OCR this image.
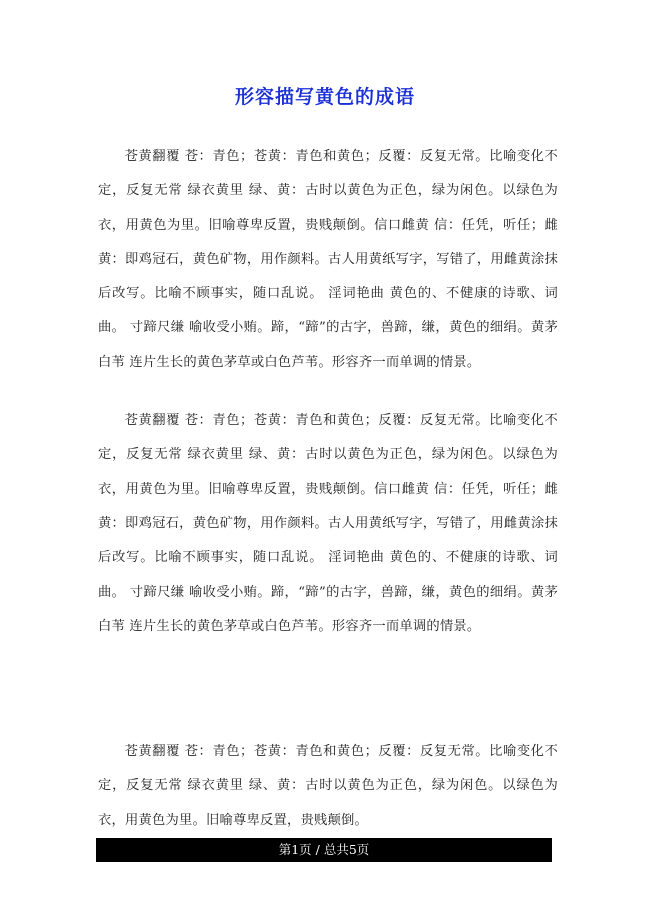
形容描写黄色的成语

苍黄翻覆 苍：青色；苍黄：青色和黄色；反覆：反复无常。比喻变化不定，反复无常 绿衣黄里 绿、黄：古时以黄色为正色，绿为闲色。以绿色为衣，用黄色为里。旧喻尊卑反置，贵贱颠倒。信口雌黄 信：任凭，听任；雌黄：即鸡冠石，黄色矿物，用作颜料。古人用黄纸写字，写错了，用雌黄涂抹后改写。比喻不顾事实，随口乱说。 淫词艳曲 黄色的、不健康的诗歌、词曲。 寸蹄尺缣 喻收受小贿。蹄，“蹄”的古字，兽蹄，缣，黄色的细绢。黄茅白苇 连片生长的黄色茅草或白色芦苇。形容齐一而单调的情景。

苍黄翻覆 苍：青色；苍黄：青色和黄色；反覆：反复无常。比喻变化不定，反复无常 绿衣黄里 绿、黄：古时以黄色为正色，绿为闲色。以绿色为衣，用黄色为里。旧喻尊卑反置，贵贱颠倒。信口雌黄 信：任凭，听任；雌黄：即鸡冠石，黄色矿物，用作颜料。古人用黄纸写字，写错了，用雌黄涂抹后改写。比喻不顾事实，随口乱说。 淫词艳曲 黄色的、不健康的诗歌、词曲。 寸蹄尺缣 喻收受小贿。蹄，“蹄”的古字，兽蹄，缣，黄色的细绢。黄茅白苇 连片生长的黄色茅草或白色芦苇。形容齐一而单调的情景。

苍黄翻覆 苍：青色；苍黄：青色和黄色；反覆：反复无常。比喻变化不定，反复无常 绿衣黄里 绿、黄：古时以黄色为正色，绿为闲色。以绿色为衣，用黄色为里。旧喻尊卑反置，贵贱颠倒。

第1页 / 总共5页
